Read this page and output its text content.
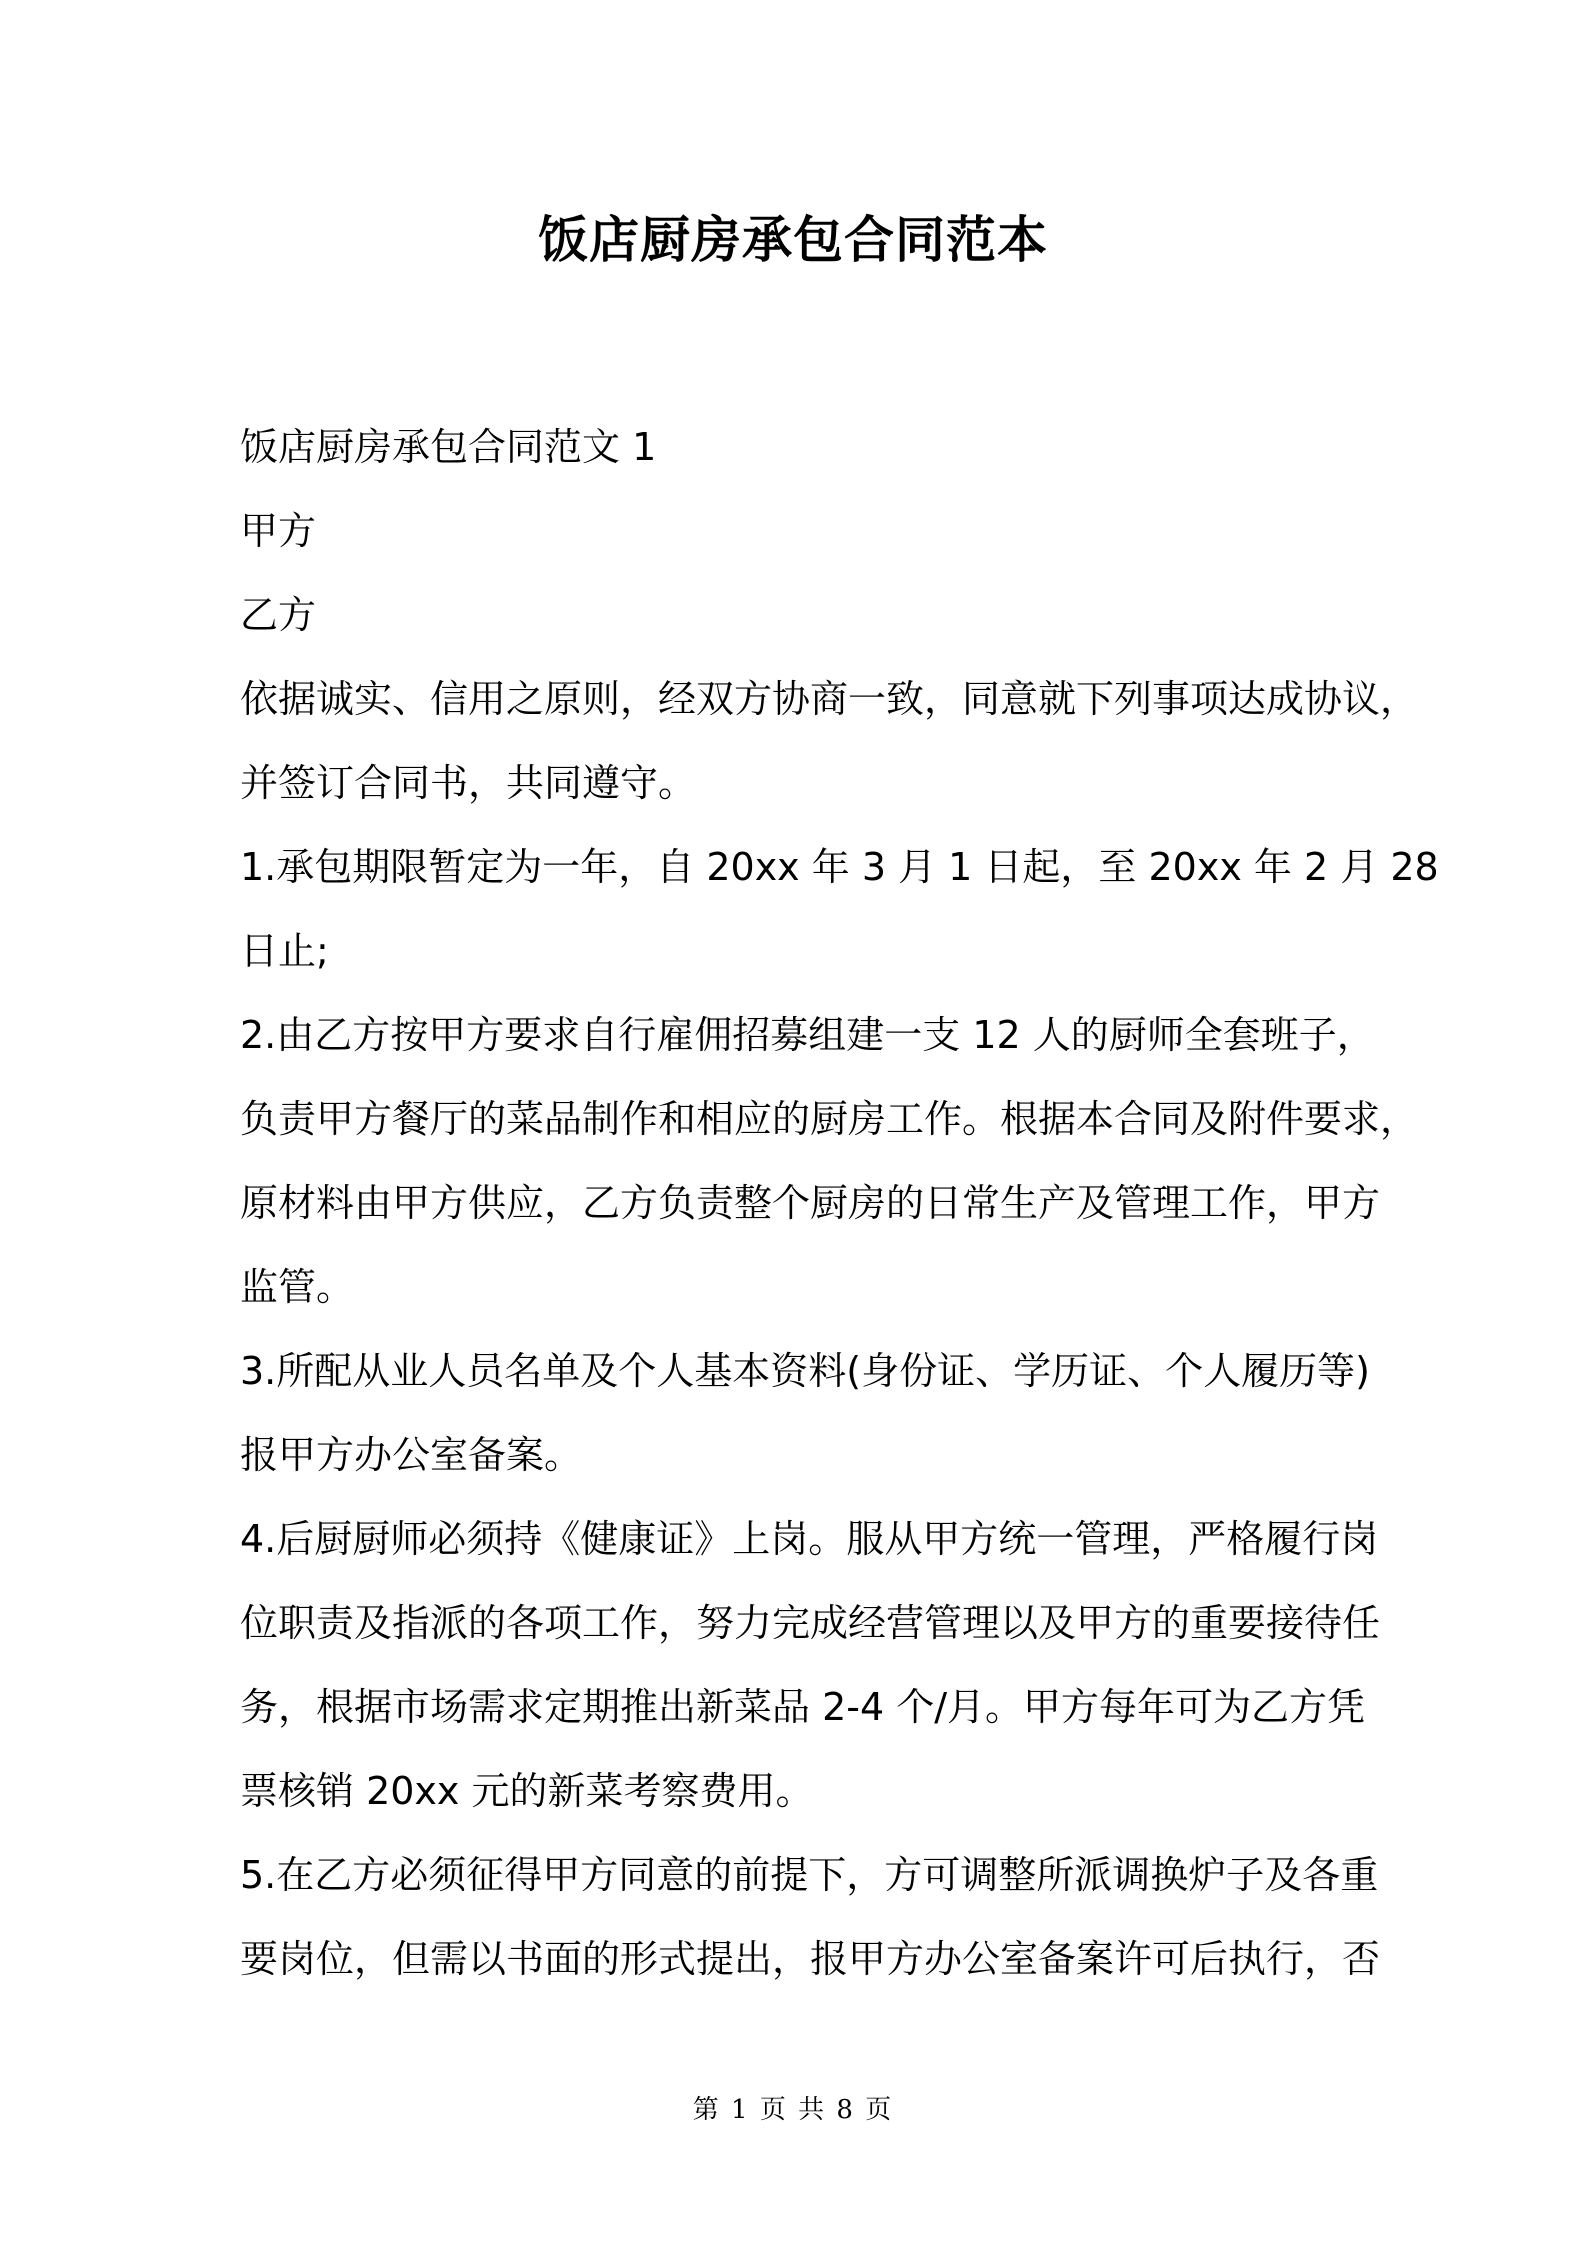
饭店厨房承包合同范本
饭店厨房承包合同范文 1
甲方
乙方
依据诚实、信用之原则，经双方协商一致，同意就下列事项达成协议，
并签订合同书，共同遵守。
1.承包期限暂定为一年，自 20xx 年 3 月 1 日起，至 20xx 年 2 月 28
日止;
2.由乙方按甲方要求自行雇佣招募组建一支 12 人的厨师全套班子，
负责甲方餐厅的菜品制作和相应的厨房工作。根据本合同及附件要求，
原材料由甲方供应，乙方负责整个厨房的日常生产及管理工作，甲方
监管。
3.所配从业人员名单及个人基本资料(身份证、学历证、个人履历等)
报甲方办公室备案。
4.后厨厨师必须持《健康证》上岗。服从甲方统一管理，严格履行岗
位职责及指派的各项工作，努力完成经营管理以及甲方的重要接待任
务，根据市场需求定期推出新菜品 2-4 个/月。甲方每年可为乙方凭
票核销 20xx 元的新菜考察费用。
5.在乙方必须征得甲方同意的前提下，方可调整所派调换炉子及各重
要岗位，但需以书面的形式提出，报甲方办公室备案许可后执行，否
第 1 页 共 8 页
